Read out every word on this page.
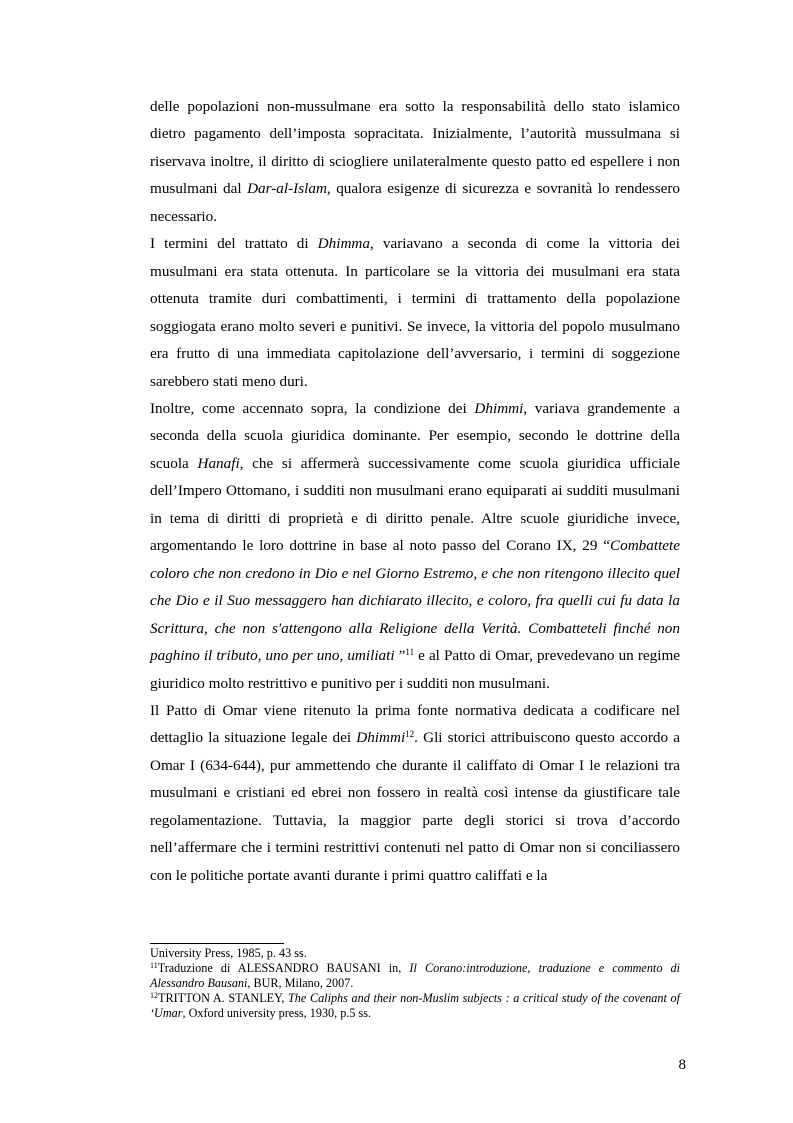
delle popolazioni non-mussulmane era sotto la responsabilità dello stato islamico dietro pagamento dell’imposta sopracitata. Inizialmente, l’autorità mussulmana si riservava inoltre, il diritto di sciogliere unilateralmente questo patto ed espellere i non musulmani dal Dar-al-Islam, qualora esigenze di sicurezza e sovranità lo rendessero necessario.

I termini del trattato di Dhimma, variavano a seconda di come la vittoria dei musulmani era stata ottenuta. In particolare se la vittoria dei musulmani era stata ottenuta tramite duri combattimenti, i termini di trattamento della popolazione soggiogata erano molto severi e punitivi. Se invece, la vittoria del popolo musulmano era frutto di una immediata capitolazione dell’avversario, i termini di soggezione sarebbero stati meno duri.

Inoltre, come accennato sopra, la condizione dei Dhimmi, variava grandemente a seconda della scuola giuridica dominante. Per esempio, secondo le dottrine della scuola Hanafi, che si affermerà successivamente come scuola giuridica ufficiale dell’Impero Ottomano, i sudditi non musulmani erano equiparati ai sudditi musulmani in tema di diritti di proprietà e di diritto penale. Altre scuole giuridiche invece, argomentando le loro dottrine in base al noto passo del Corano IX, 29 “Combattete coloro che non credono in Dio e nel Giorno Estremo, e che non ritengono illecito quel che Dio e il Suo messaggero han dichiarato illecito, e coloro, fra quelli cui fu data la Scrittura, che non s'attengono alla Religione della Verità. Combatteteli finché non paghino il tributo, uno per uno, umiliati ”$^{11}$ e al Patto di Omar, prevedevano un regime giuridico molto restrittivo e punitivo per i sudditi non musulmani.

Il Patto di Omar viene ritenuto la prima fonte normativa dedicata a codificare nel dettaglio la situazione legale dei Dhimmi$^{12}$. Gli storici attribuiscono questo accordo a Omar I (634-644), pur ammettendo che durante il califfato di Omar I le relazioni tra musulmani e cristiani ed ebrei non fossero in realtà così intense da giustificare tale regolamentazione. Tuttavia, la maggior parte degli storici si trova d’accordo nell’affermare che i termini restrittivi contenuti nel patto di Omar non si conciliassero con le politiche portate avanti durante i primi quattro califfati e la

University Press, 1985, p. 43 ss.

$^{11}$Traduzione di ALESSANDRO BAUSANI in, Il Corano:introduzione, traduzione e commento di Alessandro Bausani, BUR, Milano, 2007.

$^{12}$TRITTON A. STANLEY, The Caliphs and their non-Muslim subjects : a critical study of the covenant of ‘Umar, Oxford university press, 1930, p.5 ss.

8
